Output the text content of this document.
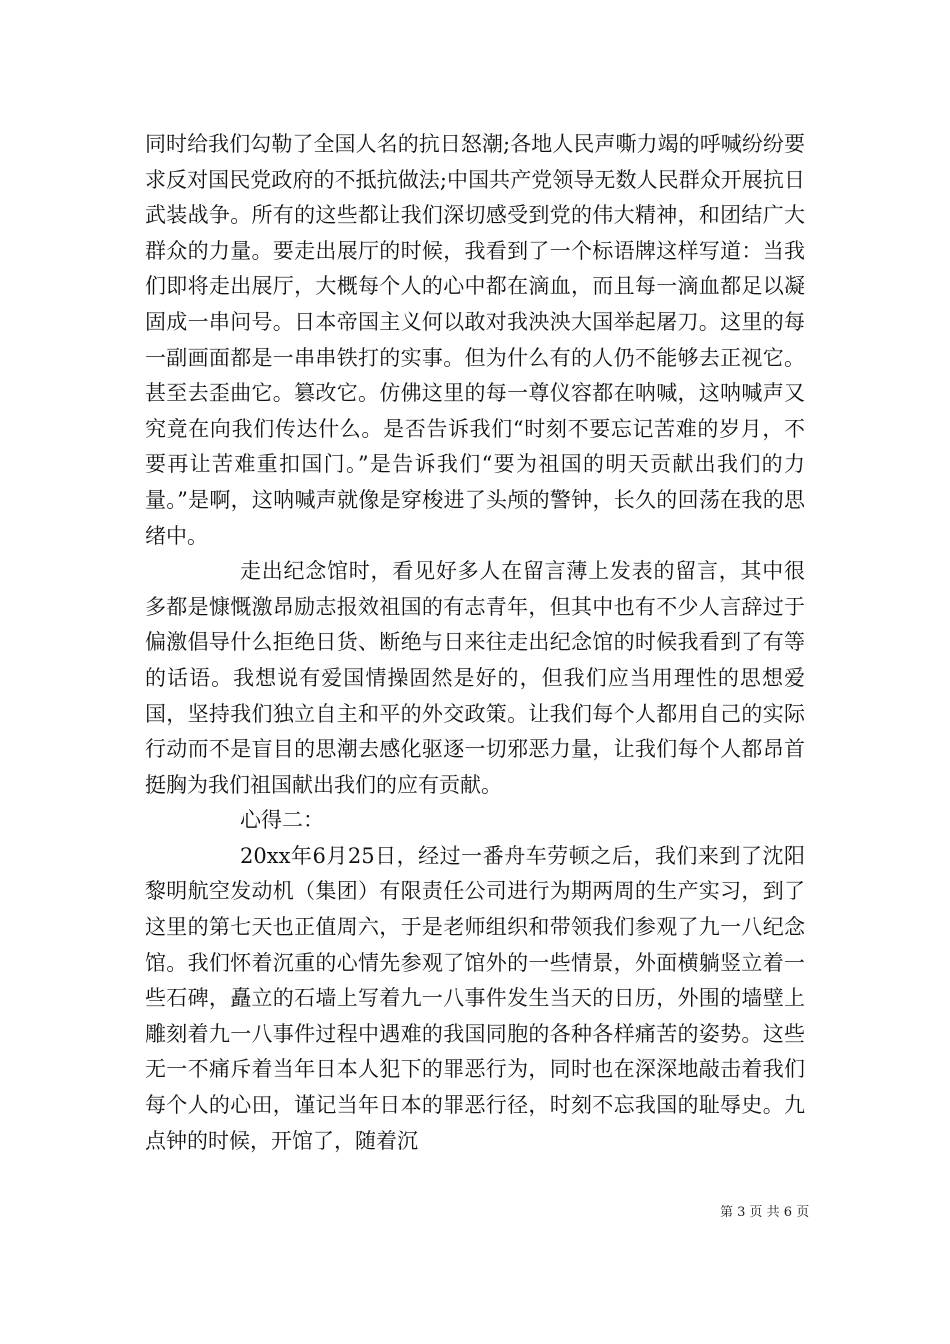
同时给我们勾勒了全国人名的抗日怒潮;各地人民声嘶力竭的呼喊纷纷要求反对国民党政府的不抵抗做法;中国共产党领导无数人民群众开展抗日武装战争。所有的这些都让我们深切感受到党的伟大精神，和团结广大群众的力量。要走出展厅的时候，我看到了一个标语牌这样写道：当我们即将走出展厅，大概每个人的心中都在滴血，而且每一滴血都足以凝固成一串问号。日本帝国主义何以敢对我泱泱大国举起屠刀。这里的每一副画面都是一串串铁打的实事。但为什么有的人仍不能够去正视它。甚至去歪曲它。篡改它。仿佛这里的每一尊仪容都在呐喊，这呐喊声又究竟在向我们传达什么。是否告诉我们“时刻不要忘记苦难的岁月，不要再让苦难重扣国门。”是告诉我们“要为祖国的明天贡献出我们的力量。”是啊，这呐喊声就像是穿梭进了头颅的警钟，长久的回荡在我的思绪中。

走出纪念馆时，看见好多人在留言薄上发表的留言，其中很多都是慷慨激昂励志报效祖国的有志青年，但其中也有不少人言辞过于偏激倡导什么拒绝日货、断绝与日来往走出纪念馆的时候我看到了有等的话语。我想说有爱国情操固然是好的，但我们应当用理性的思想爱国，坚持我们独立自主和平的外交政策。让我们每个人都用自己的实际行动而不是盲目的思潮去感化驱逐一切邪恶力量，让我们每个人都昂首挺胸为我们祖国献出我们的应有贡献。

心得二：

20xx年6月25日，经过一番舟车劳顿之后，我们来到了沈阳黎明航空发动机（集团）有限责任公司进行为期两周的生产实习，到了这里的第七天也正值周六，于是老师组织和带领我们参观了九一八纪念馆。我们怀着沉重的心情先参观了馆外的一些情景，外面横躺竖立着一些石碑，矗立的石墙上写着九一八事件发生当天的日历，外围的墙壁上雕刻着九一八事件过程中遇难的我国同胞的各种各样痛苦的姿势。这些无一不痛斥着当年日本人犯下的罪恶行为，同时也在深深地敲击着我们每个人的心田，谨记当年日本的罪恶行径，时刻不忘我国的耻辱史。九点钟的时候，开馆了，随着沉

第 3 页 共 6 页
